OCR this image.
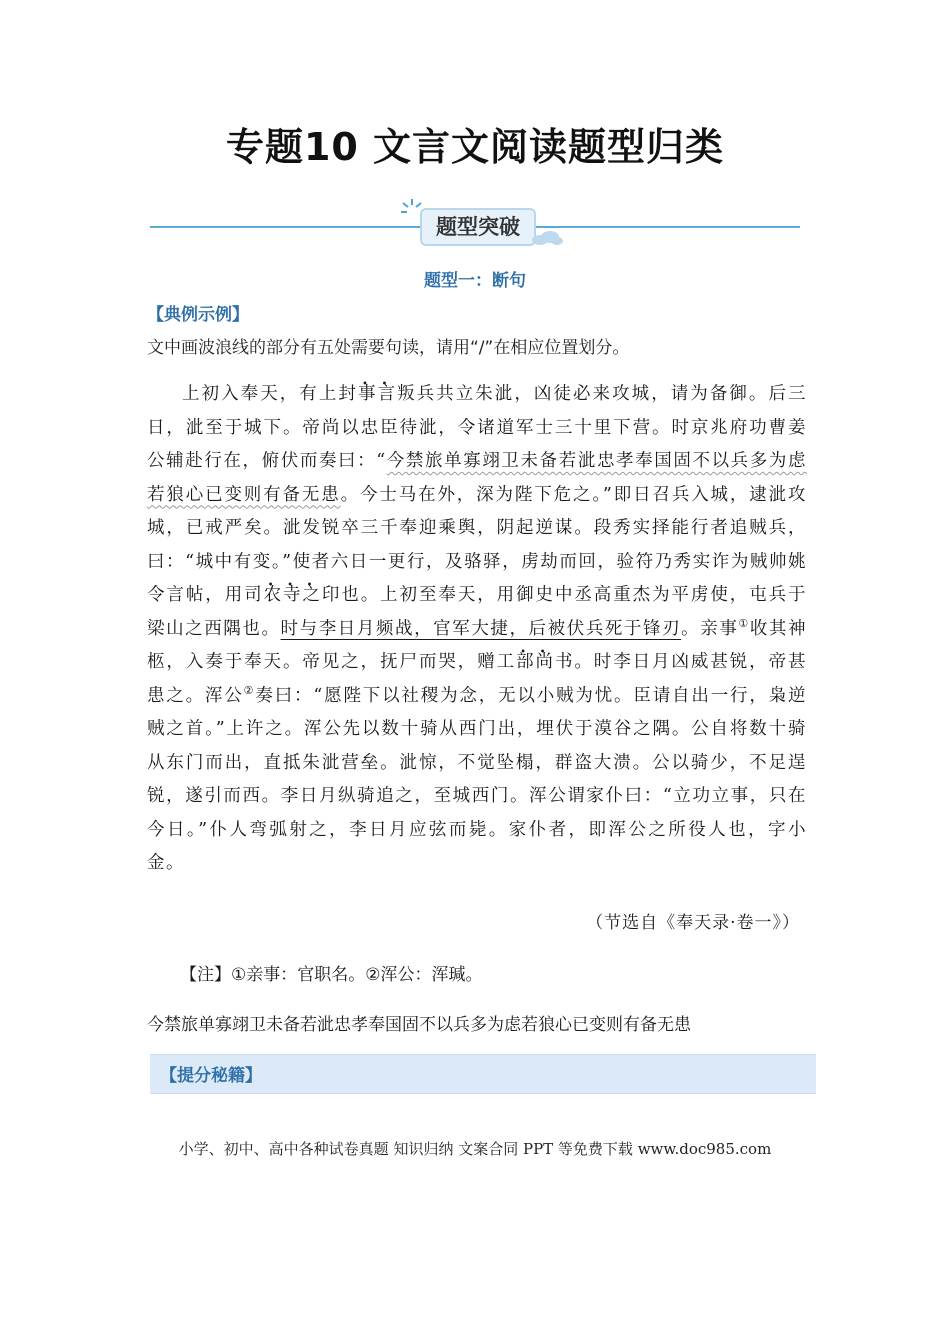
专题10 文言文阅读题型归类
题型突破
题型一：断句
【典例示例】
文中画波浪线的部分有五处需要句读，请用“/”在相应位置划分。

上初入奉天，有上封事言叛兵共立朱泚，凶徒必来攻城，请为备御。后三日，泚至于城下。帝尚以忠臣待泚，令诸道军士三十里下营。时京兆府功曹姜公辅赴行在，俯伏而奏曰：“今禁旅单寡翊卫未备若泚忠孝奉国固不以兵多为虑若狼心已变则有备无患。今士马在外，深为陛下危之。”即日召兵入城，逮泚攻城，已戒严矣。泚发锐卒三千奉迎乘舆，阴起逆谋。段秀实择能行者追贼兵，曰：“城中有变。”使者六日一更行，及骆驿，虏劫而回，验符乃秀实诈为贼帅姚令言帖，用司农寺之印也。上初至奉天，用御史中丞高重杰为平虏使，屯兵于梁山之西隅也。时与李日月频战，官军大捷，后被伏兵死于锋刃。亲事①收其神柩，入奏于奉天。帝见之，抚尸而哭，赠工部尚书。时李日月凶威甚锐，帝甚患之。浑公②奏曰：“愿陛下以社稷为念，无以小贼为忧。臣请自出一行，枭逆贼之首。”上许之。浑公先以数十骑从西门出，埋伏于漠谷之隅。公自将数十骑从东门而出，直抵朱泚营垒。泚惊，不觉坠榻，群盗大溃。公以骑少，不足逞锐，遂引而西。李日月纵骑追之，至城西门。浑公谓家仆曰：“立功立事，只在今日。”仆人弯弧射之，李日月应弦而毙。家仆者，即浑公之所役人也，字小金。

（节选自《奉天录·卷一》）
【注】①亲事：官职名。②浑公：浑瑊。
今禁旅单寡翊卫未备若泚忠孝奉国固不以兵多为虑若狼心已变则有备无患
【提分秘籍】
小学、初中、高中各种试卷真题 知识归纳 文案合同 PPT 等免费下载 www.doc985.com
